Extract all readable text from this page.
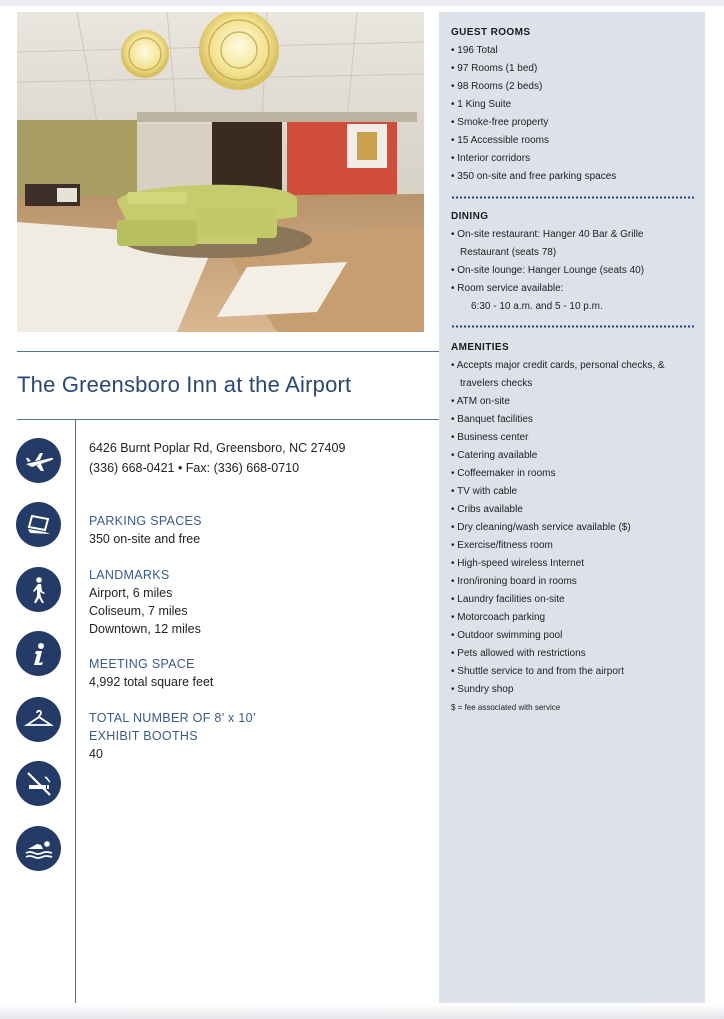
The Greensboro Inn at the Airport
6426 Burnt Poplar Rd, Greensboro, NC 27409
(336) 668-0421 • Fax: (336) 668-0710
PARKING SPACES
350 on-site and free
LANDMARKS
Airport, 6 miles
Coliseum, 7 miles
Downtown, 12 miles
MEETING SPACE
4,992 total square feet
TOTAL NUMBER OF 8’ x 10’
EXHIBIT BOOTHS
40
GUEST ROOMS
• 196 Total
• 97 Rooms (1 bed)
• 98 Rooms (2 beds)
• 1 King Suite
• Smoke-free property
• 15 Accessible rooms
• Interior corridors
• 350 on-site and free parking spaces
DINING
• On-site restaurant: Hanger 40 Bar & Grille
Restaurant (seats 78)
• On-site lounge: Hanger Lounge (seats 40)
• Room service available:
6:30 - 10 a.m. and 5 - 10 p.m.
AMENITIES
• Accepts major credit cards, personal checks, &
travelers checks
• ATM on-site
• Banquet facilities
• Business center
• Catering available
• Coffeemaker in rooms
• TV with cable
• Cribs available
• Dry cleaning/wash service available ($)
• Exercise/fitness room
• High-speed wireless Internet
• Iron/ironing board in rooms
• Laundry facilities on-site
• Motorcoach parking
• Outdoor swimming pool
• Pets allowed with restrictions
• Shuttle service to and from the airport
• Sundry shop
$ = fee associated with service
